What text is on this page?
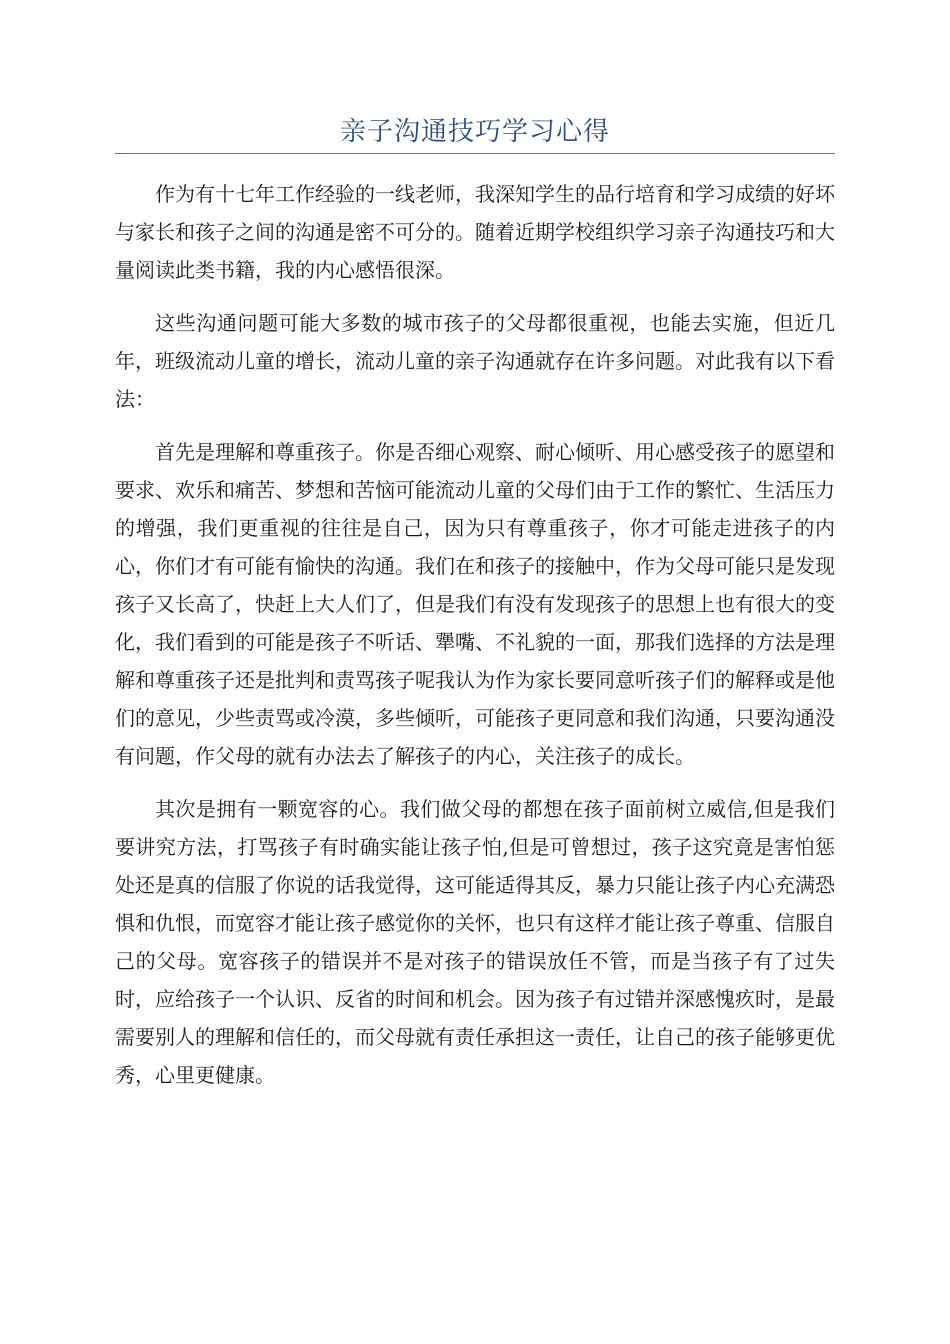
亲子沟通技巧学习心得

作为有十七年工作经验的一线老师，我深知学生的品行培育和学习成绩的好坏与家长和孩子之间的沟通是密不可分的。随着近期学校组织学习亲子沟通技巧和大量阅读此类书籍，我的内心感悟很深。

这些沟通问题可能大多数的城市孩子的父母都很重视，也能去实施，但近几年，班级流动儿童的增长，流动儿童的亲子沟通就存在许多问题。对此我有以下看法：

首先是理解和尊重孩子。你是否细心观察、耐心倾听、用心感受孩子的愿望和要求、欢乐和痛苦、梦想和苦恼可能流动儿童的父母们由于工作的繁忙、生活压力的增强，我们更重视的往往是自己，因为只有尊重孩子，你才可能走进孩子的内心，你们才有可能有愉快的沟通。我们在和孩子的接触中，作为父母可能只是发现孩子又长高了，快赶上大人们了，但是我们有没有发现孩子的思想上也有很大的变化，我们看到的可能是孩子不听话、犟嘴、不礼貌的一面，那我们选择的方法是理解和尊重孩子还是批判和责骂孩子呢我认为作为家长要同意听孩子们的解释或是他们的意见，少些责骂或冷漠，多些倾听，可能孩子更同意和我们沟通，只要沟通没有问题，作父母的就有办法去了解孩子的内心，关注孩子的成长。

其次是拥有一颗宽容的心。我们做父母的都想在孩子面前树立威信,但是我们要讲究方法，打骂孩子有时确实能让孩子怕,但是可曾想过，孩子这究竟是害怕惩处还是真的信服了你说的话我觉得，这可能适得其反，暴力只能让孩子内心充满恐惧和仇恨，而宽容才能让孩子感觉你的关怀，也只有这样才能让孩子尊重、信服自己的父母。宽容孩子的错误并不是对孩子的错误放任不管，而是当孩子有了过失时，应给孩子一个认识、反省的时间和机会。因为孩子有过错并深感愧疚时，是最需要别人的理解和信任的，而父母就有责任承担这一责任，让自己的孩子能够更优秀，心里更健康。
